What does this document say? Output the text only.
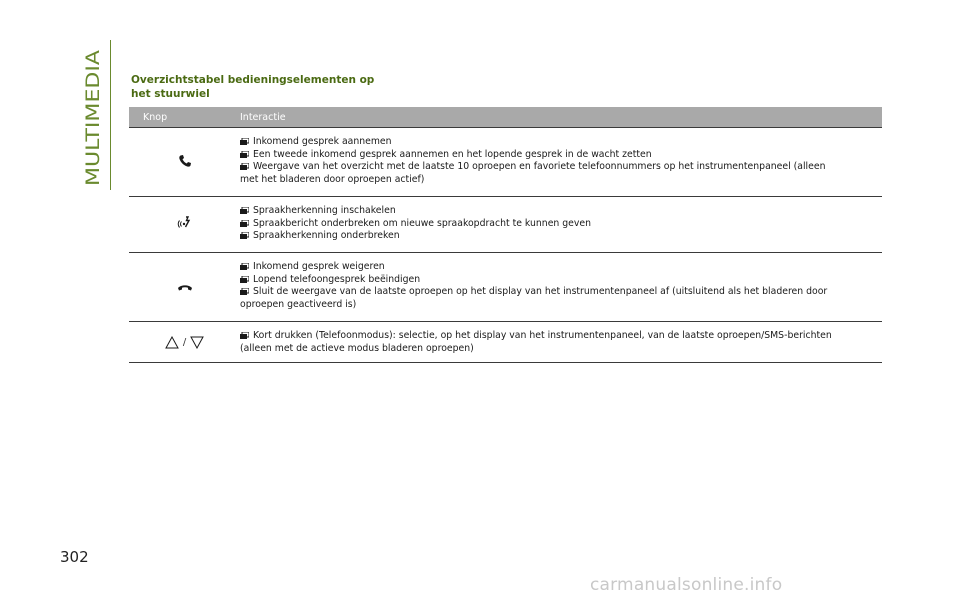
MULTIMEDIA	Overzichtstabel bedieningselementen op
het stuurwiel
Knop	Interactie
Inkomend gesprek aannemen
Een tweede inkomend gesprek aannemen en het lopende gesprek in de wacht zetten
Weergave van het overzicht met de laatste 10 oproepen en favoriete telefoonnummers op het instrumentenpaneel (alleen
met het bladeren door oproepen actief)
Spraakherkenning inschakelen
Spraakbericht onderbreken om nieuwe spraakopdracht te kunnen geven
Spraakherkenning onderbreken
Inkomend gesprek weigeren
Lopend telefoongesprek beëindigen
Sluit de weergave van de laatste oproepen op het display van het instrumentenpaneel af (uitsluitend als het bladeren door
oproepen geactiveerd is)
/
Kort drukken (Telefoonmodus): selectie, op het display van het instrumentenpaneel, van de laatste oproepen/SMS-berichten
(alleen met de actieve modus bladeren oproepen)
302
carmanualsonline.info
